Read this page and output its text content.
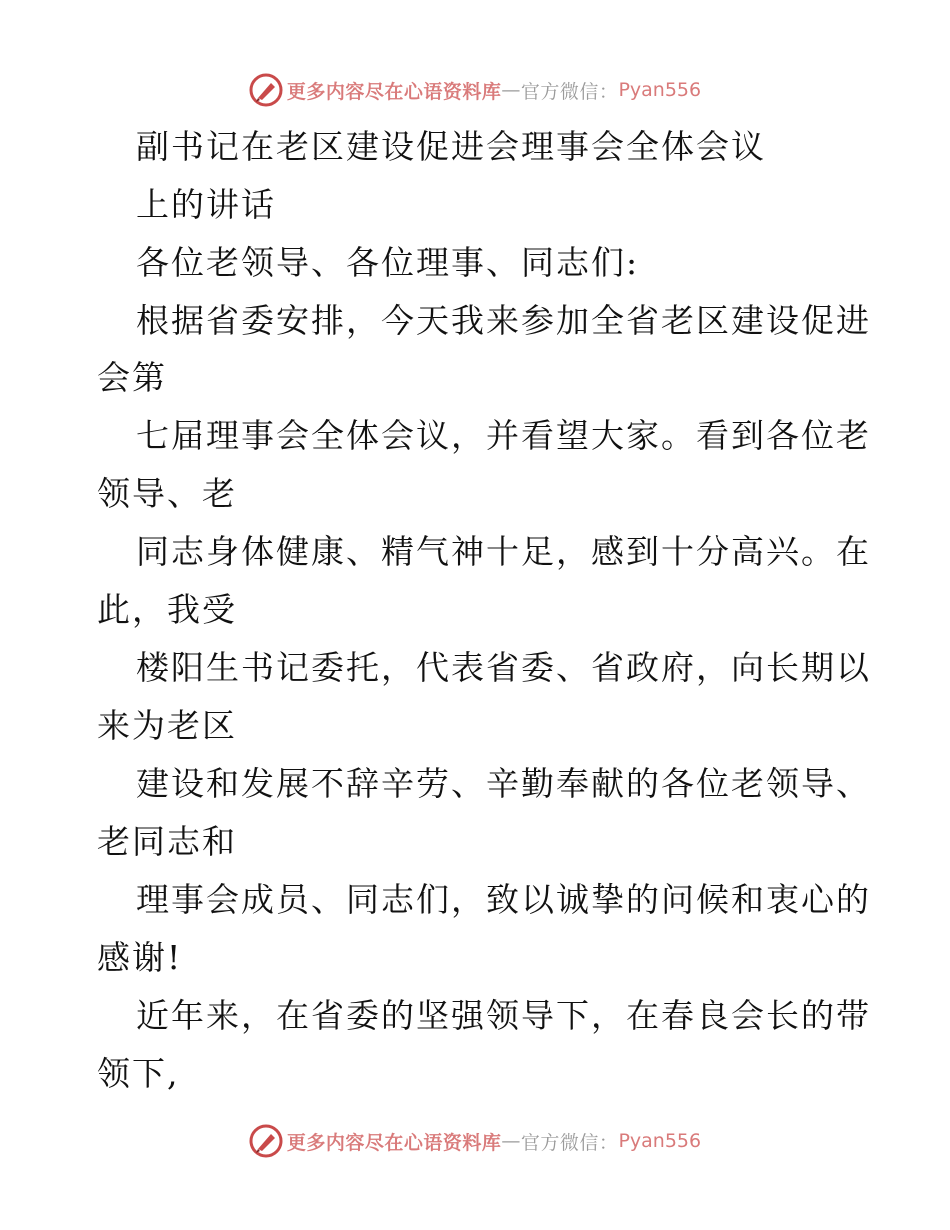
更多内容尽在心语资料库 — 官方微信： Pyan556
副书记在老区建设促进会理事会全体会议
上的讲话
各位老领导、各位理事、同志们:
根据省委安排，今天我来参加全省老区建设促进
会第
七届理事会全体会议，并看望大家。看到各位老
领导、老
同志身体健康、精气神十足，感到十分高兴。在
此，我受
楼阳生书记委托，代表省委、省政府，向长期以
来为老区
建设和发展不辞辛劳、辛勤奉献的各位老领导、
老同志和
理事会成员、同志们，致以诚挚的问候和衷心的
感谢!
近年来，在省委的坚强领导下，在春良会长的带
领下,
更多内容尽在心语资料库 — 官方微信： Pyan556
